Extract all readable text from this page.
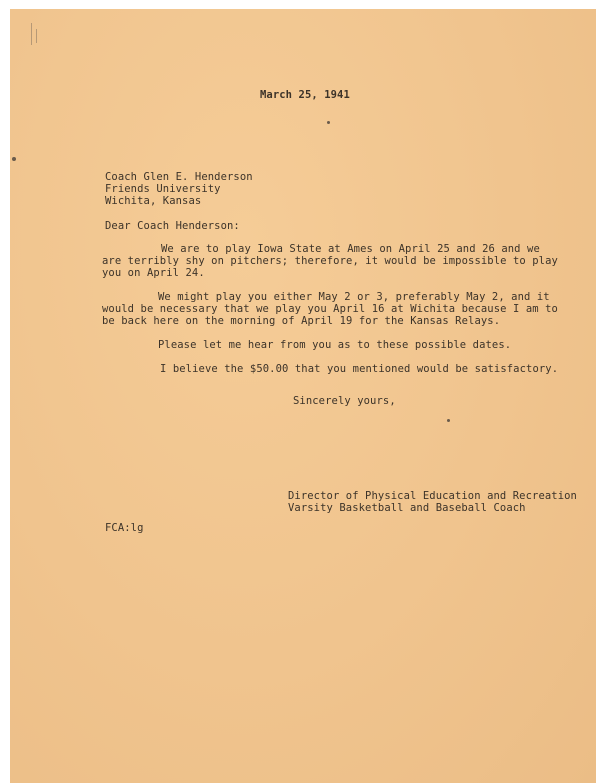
March 25, 1941
Coach Glen E. Henderson
Friends University
Wichita, Kansas
Dear Coach Henderson:
We are to play Iowa State at Ames on April 25 and 26 and we
are terribly shy on pitchers; therefore, it would be impossible to play
you on April 24.
We might play you either May 2 or 3, preferably May 2, and it
would be necessary that we play you April 16 at Wichita because I am to
be back here on the morning of April 19 for the Kansas Relays.
Please let me hear from you as to these possible dates.
I believe the $50.00 that you mentioned would be satisfactory.
Sincerely yours,
Director of Physical Education and Recreation
Varsity Basketball and Baseball Coach
FCA:lg
